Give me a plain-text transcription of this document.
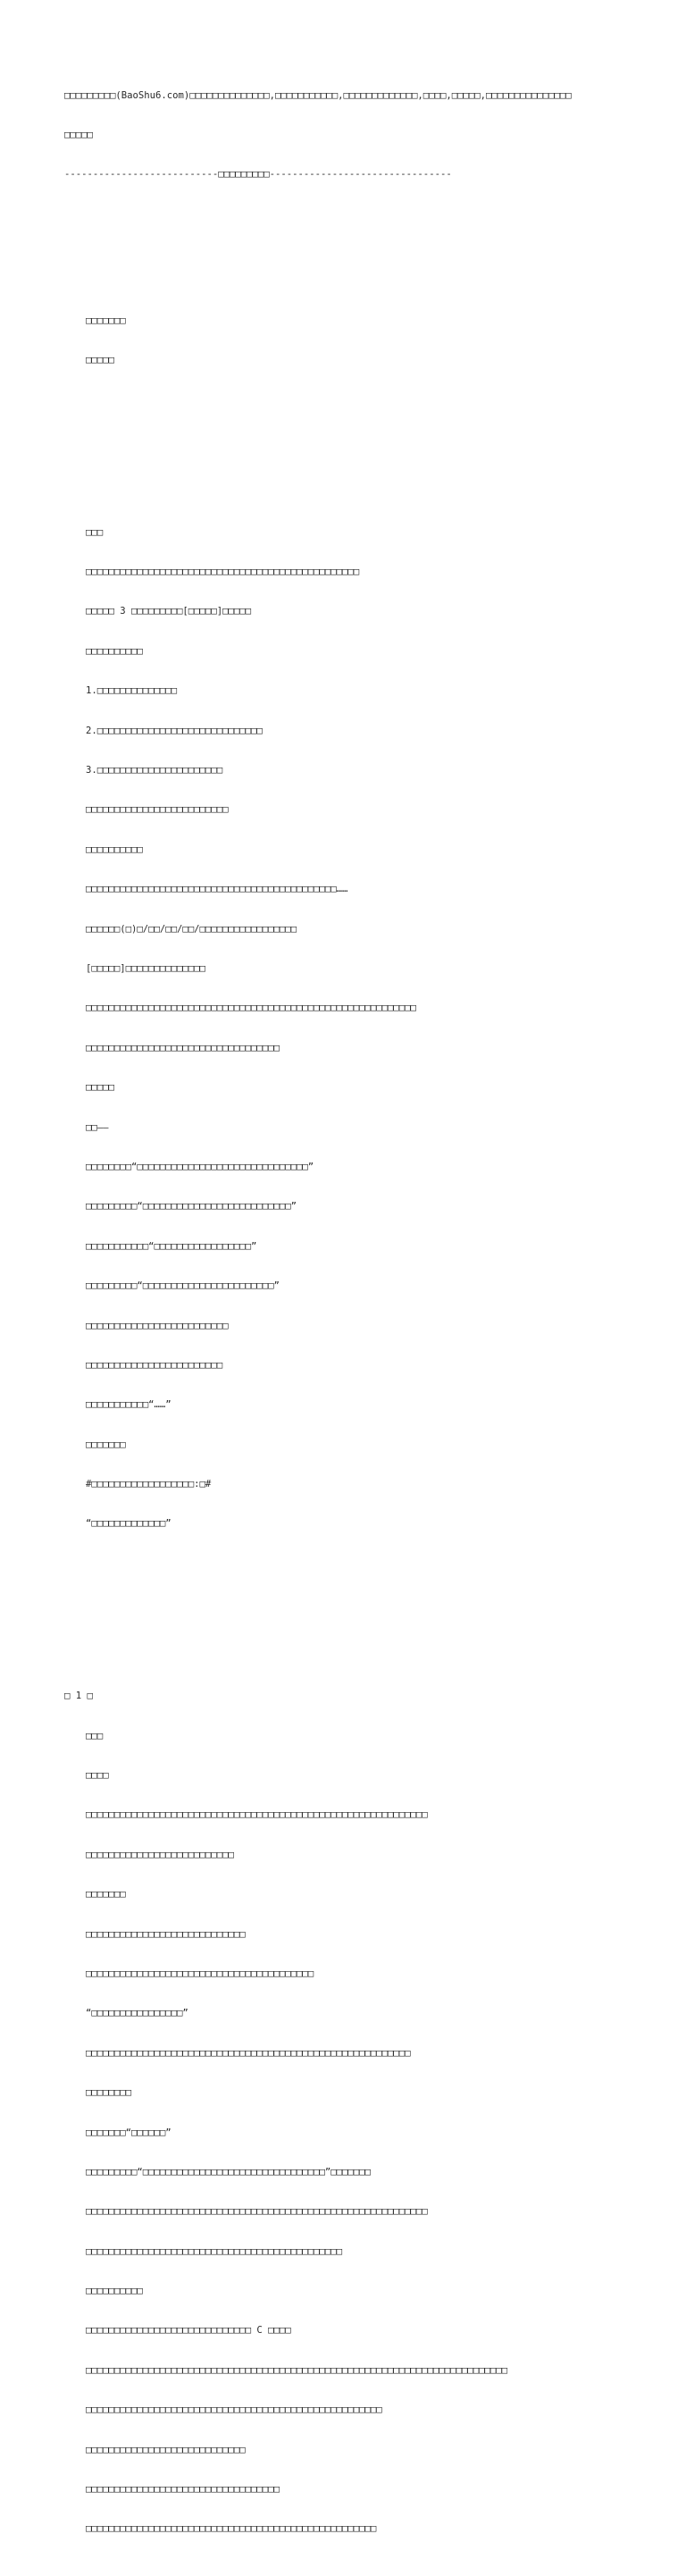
□□□□□□□□□(BaoShu6.com)□□□□□□□□□□□□□□,□□□□□□□□□□□,□□□□□□□□□□□□□,□□□□,□□□□□,□□□□□□□□□□□□□□□

□□□□□

---------------------------□□□□□□□□□--------------------------------

□□□□□□□

□□□□□

□□□

□□□□□□□□□□□□□□□□□□□□□□□□□□□□□□□□□□□□□□□□□□□□□□□□

□□□□□ 3 □□□□□□□□□[□□□□□]□□□□□

□□□□□□□□□□

1.□□□□□□□□□□□□□□

2.□□□□□□□□□□□□□□□□□□□□□□□□□□□□□

3.□□□□□□□□□□□□□□□□□□□□□□

□□□□□□□□□□□□□□□□□□□□□□□□□

□□□□□□□□□□

□□□□□□□□□□□□□□□□□□□□□□□□□□□□□□□□□□□□□□□□□□□□……

□□□□□□(□)□/□□/□□/□□/□□□□□□□□□□□□□□□□□

[□□□□□]□□□□□□□□□□□□□□

□□□□□□□□□□□□□□□□□□□□□□□□□□□□□□□□□□□□□□□□□□□□□□□□□□□□□□□□□□

□□□□□□□□□□□□□□□□□□□□□□□□□□□□□□□□□□

□□□□□

□□——

□□□□□□□□“□□□□□□□□□□□□□□□□□□□□□□□□□□□□□□”

□□□□□□□□□“□□□□□□□□□□□□□□□□□□□□□□□□□□”

□□□□□□□□□□□“□□□□□□□□□□□□□□□□□”

□□□□□□□□□“□□□□□□□□□□□□□□□□□□□□□□□”

□□□□□□□□□□□□□□□□□□□□□□□□□

□□□□□□□□□□□□□□□□□□□□□□□□

□□□□□□□□□□□“……”

□□□□□□□

#□□□□□□□□□□□□□□□□□□:□#

“□□□□□□□□□□□□□”

□ 1 □

□□□

□□□□

□□□□□□□□□□□□□□□□□□□□□□□□□□□□□□□□□□□□□□□□□□□□□□□□□□□□□□□□□□□□

□□□□□□□□□□□□□□□□□□□□□□□□□□

□□□□□□□

□□□□□□□□□□□□□□□□□□□□□□□□□□□□

□□□□□□□□□□□□□□□□□□□□□□□□□□□□□□□□□□□□□□□□

“□□□□□□□□□□□□□□□□”

□□□□□□□□□□□□□□□□□□□□□□□□□□□□□□□□□□□□□□□□□□□□□□□□□□□□□□□□□

□□□□□□□□

□□□□□□□“□□□□□□”

□□□□□□□□□“□□□□□□□□□□□□□□□□□□□□□□□□□□□□□□□□”□□□□□□□

□□□□□□□□□□□□□□□□□□□□□□□□□□□□□□□□□□□□□□□□□□□□□□□□□□□□□□□□□□□□

□□□□□□□□□□□□□□□□□□□□□□□□□□□□□□□□□□□□□□□□□□□□□

□□□□□□□□□□

□□□□□□□□□□□□□□□□□□□□□□□□□□□□□ C □□□□

□□□□□□□□□□□□□□□□□□□□□□□□□□□□□□□□□□□□□□□□□□□□□□□□□□□□□□□□□□□□□□□□□□□□□□□□□□

□□□□□□□□□□□□□□□□□□□□□□□□□□□□□□□□□□□□□□□□□□□□□□□□□□□□

□□□□□□□□□□□□□□□□□□□□□□□□□□□□

□□□□□□□□□□□□□□□□□□□□□□□□□□□□□□□□□□

□□□□□□□□□□□□□□□□□□□□□□□□□□□□□□□□□□□□□□□□□□□□□□□□□□□
